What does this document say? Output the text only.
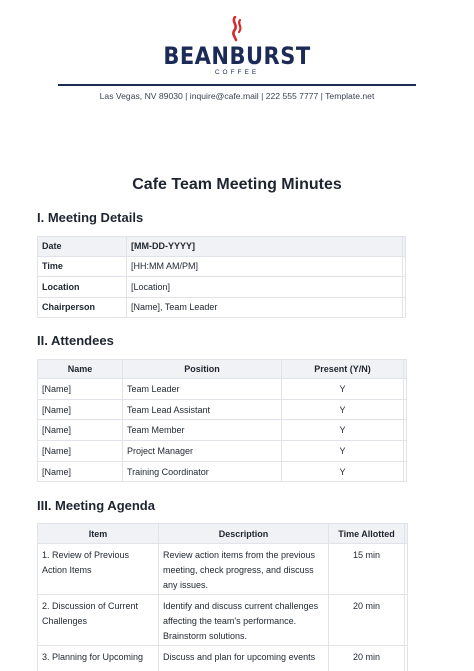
BEANBURST
COFFEE
Las Vegas, NV 89030 | inquire@cafe.mail | 222 555 7777 | Template.net
Cafe Team Meeting Minutes
I. Meeting Details
Date	[MM-DD-YYYY]	
Time	[HH:MM AM/PM]	
Location	[Location]	
Chairperson	[Name], Team Leader	
II. Attendees
Name	Position	Present (Y/N)	
[Name]	Team Leader	Y	
[Name]	Team Lead Assistant	Y	
[Name]	Team Member	Y	
[Name]	Project Manager	Y	
[Name]	Training Coordinator	Y	
III. Meeting Agenda
Item	Description	Time Allotted	
1. Review of Previous Action Items	Review action items from the previous meeting, check progress, and discuss any issues.	15 min	
2. Discussion of Current Challenges	Identify and discuss current challenges affecting the team's performance. Brainstorm solutions.	20 min	
3. Planning for Upcoming	Discuss and plan for upcoming events	20 min	
